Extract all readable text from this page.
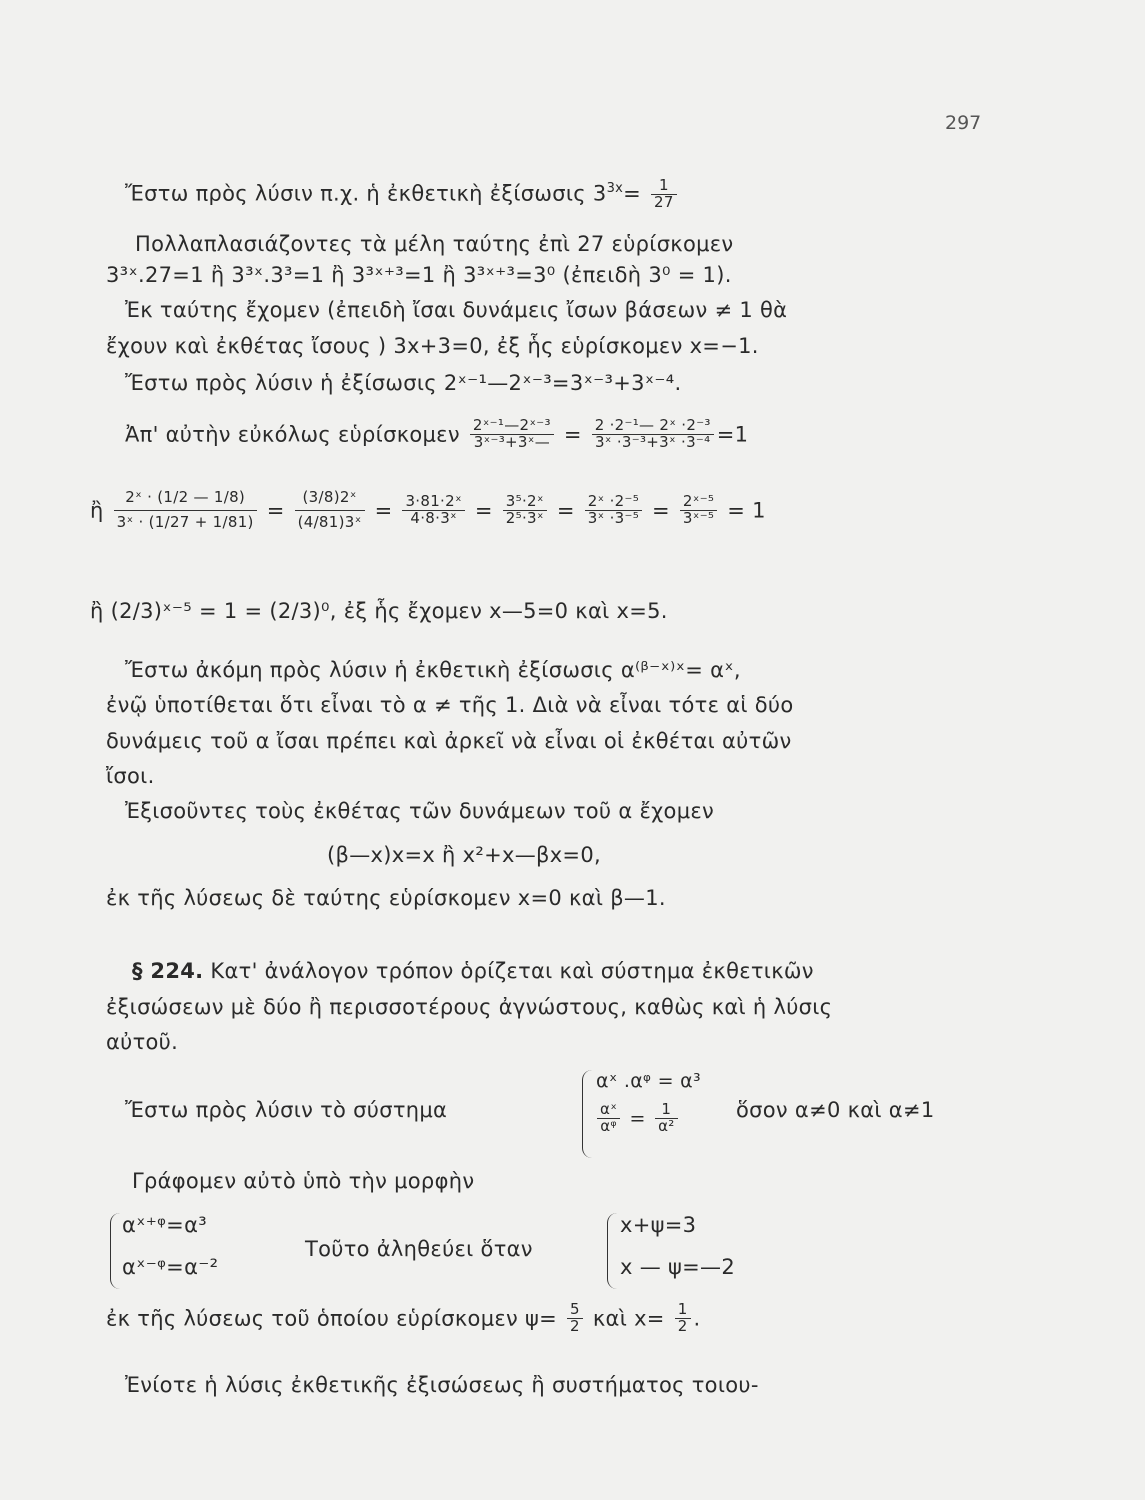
297
Ἔστω πρὸς λύσιν π.χ. ἡ ἐκθετικὴ ἐξίσωσις $3^{3x}= \frac{1}{27}$
Πολλαπλασιάζοντες τὰ μέλη ταύτης ἐπὶ 27 εὑρίσκομεν
3³ˣ.27=1 ἢ 3³ˣ.3³=1 ἢ 3³ˣ⁺³=1 ἢ 3³ˣ⁺³=3⁰ (ἐπειδὴ 3⁰ = 1).
Ἐκ ταύτης ἔχομεν (ἐπειδὴ ἴσαι δυνάμεις ἴσων βάσεων ≠ 1 θὰ
ἔχουν καὶ ἐκθέτας ἴσους ) 3x+3=0, ἐξ ἧς εὑρίσκομεν x=−1.
Ἔστω πρὸς λύσιν ἡ ἐξίσωσις 2ˣ⁻¹—2ˣ⁻³=3ˣ⁻³+3ˣ⁻⁴.
Ἀπ' αὐτὴν εὐκόλως εὑρίσκομεν $\frac{\text{2ˣ⁻¹—2ˣ⁻³}}{\text{3ˣ⁻³+3ˣ—}} = \frac{\text{2 ·2⁻¹— 2ˣ ·2⁻³}}{\text{3ˣ ·3⁻³+3ˣ ·3⁻⁴}} =1$
ἢ $\frac{\text{2ˣ · (1/2 — 1/8)}}{\text{3ˣ · (1/27 + 1/81)}} = \frac{\text{(3/8)2ˣ}}{\text{(4/81)3ˣ}} = \frac{\text{3·81·2ˣ}}{\text{4·8·3ˣ}} = \frac{\text{3⁵·2ˣ}}{\text{2⁵·3ˣ}} = \frac{\text{2ˣ ·2⁻⁵}}{\text{3ˣ ·3⁻⁵}} = \frac{\text{2ˣ⁻⁵}}{\text{3ˣ⁻⁵}} = 1$
ἢ (2/3)ˣ⁻⁵ = 1 = (2/3)⁰, ἐξ ἧς ἔχομεν x—5=0 καὶ x=5.
Ἔστω ἀκόμη πρὸς λύσιν ἡ ἐκθετικὴ ἐξίσωσις α⁽ᵝ⁻ˣ⁾ˣ= αˣ,
ἐνῷ ὑποτίθεται ὅτι εἶναι τὸ α ≠ τῆς 1. Διὰ νὰ εἶναι τότε αἱ δύο
δυνάμεις τοῦ α ἴσαι πρέπει καὶ ἀρκεῖ νὰ εἶναι οἱ ἐκθέται αὐτῶν
ἴσοι.
Ἐξισοῦντες τοὺς ἐκθέτας τῶν δυνάμεων τοῦ α ἔχομεν
(β—x)x=x ἢ x²+x—βx=0,
ἐκ τῆς λύσεως δὲ ταύτης εὑρίσκομεν x=0 καὶ β—1.
§ 224. Κατ' ἀνάλογον τρόπον ὁρίζεται καὶ σύστημα ἐκθετικῶν
ἐξισώσεων μὲ δύο ἢ περισσοτέρους ἀγνώστους, καθὼς καὶ ἡ λύσις
αὐτοῦ.
Ἔστω πρὸς λύσιν τὸ σύστημα
αˣ .αᵠ = α³
$\frac{\text{αˣ}}{\text{αᵠ}} = \frac{1}{\text{α²}}$	ὅσον α≠0 καὶ α≠1
Γράφομεν αὐτὸ ὑπὸ τὴν μορφὴν
αˣ⁺ᵠ=α³
αˣ⁻ᵠ=α⁻²
Τοῦτο ἀληθεύει ὅταν
x+ψ=3
x — ψ=—2
ἐκ τῆς λύσεως τοῦ ὁποίου εὑρίσκομεν $\psi= \frac{5}{2}$ καὶ $x= \frac{1}{2}$ .
Ἐνίοτε ἡ λύσις ἐκθετικῆς ἐξισώσεως ἢ συστήματος τοιου-
